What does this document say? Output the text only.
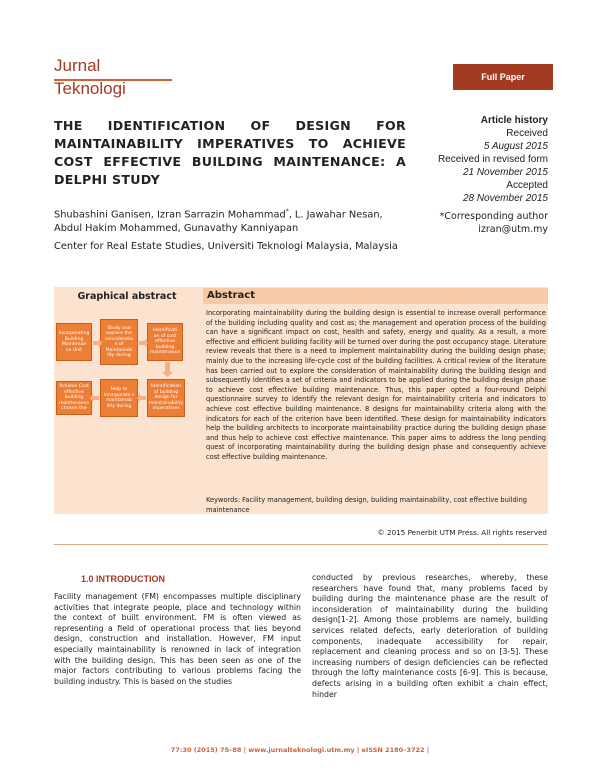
Jurnal
Teknologi
Full Paper
THE IDENTIFICATION OF DESIGN FOR MAINTAINABILITY IMPERATIVES TO ACHIEVE COST EFFECTIVE BUILDING MAINTENANCE: A DELPHI STUDY
Article history
Received
5 August 2015
Received in revised form
21 November 2015
Accepted
28 November 2015
Shubashini Ganisen, Izran Sarrazin Mohammad*, L. Jawahar Nesan,
Abdul Hakim Mohammed, Gunavathy Kanniyapan
*Corresponding author
izran@utm.my
Center for Real Estate Studies, Universiti Teknologi Malaysia, Malaysia
Graphical abstract
Incorporating Building Maintenan ce Unit
Study and explore the consideratio n of Maintainabi lity during
Identificati on of cost effective building maintenance
Achieve Cost effective building maintenance chosen the
Help to incorporate s maintainab ility during
Identification of building design for maintainability imperatives
Abstract
Incorporating maintainability during the building design is essential to increase overall performance of the building including quality and cost as; the management and operation process of the building can have a significant impact on cost, health and safety, energy and quality. As a result, a more effective and efficient building facility will be turned over during the post occupancy stage. Literature review reveals that there is a need to implement maintainability during the building design phase; mainly due to the increasing life-cycle cost of the building facilities. A critical review of the literature has been carried out to explore the consideration of maintainability during the building design and subsequently identifies a set of criteria and indicators to be applied during the building design phase to achieve cost effective building maintenance. Thus, this paper opted a four-round Delphi questionnaire survey to identify the relevant design for maintainability criteria and indicators to achieve cost effective building maintenance. 8 designs for maintainability criteria along with the indicators for each of the criterion have been identified. These design for maintainability indicators help the building architects to incorporate maintainability practice during the building design phase and thus help to achieve cost effective maintenance. This paper aims to address the long pending quest of incorporating maintainability during the building design phase and consequently achieve cost effective building maintenance.
Keywords: Facility management, building design, building maintainability, cost effective building maintenance
© 2015 Penerbit UTM Press. All rights reserved
1.0 INTRODUCTION
Facility management (FM) encompasses multiple disciplinary activities that integrate people, place and technology within the context of built environment. FM is often viewed as representing a field of operational process that lies beyond design, construction and installation. However, FM input especially maintainability is renowned in lack of integration with the building design. This has been seen as one of the major factors contributing to various problems facing the building industry. This is based on the studies
conducted by previous researches, whereby, these researchers have found that, many problems faced by building during the maintenance phase are the result of inconsideration of maintainability during the building design[1-2]. Among those problems are namely, building services related defects, early deterioration of building components, inadequate accessibility for repair, replacement and cleaning process and so on [3-5]. These increasing numbers of design deficiencies can be reflected through the lofty maintenance costs [6-9]. This is because, defects arising in a building often exhibit a chain effect, hinder
77:30 (2015) 75–88 | www.jurnalteknologi.utm.my | eISSN 2180–3722 |
